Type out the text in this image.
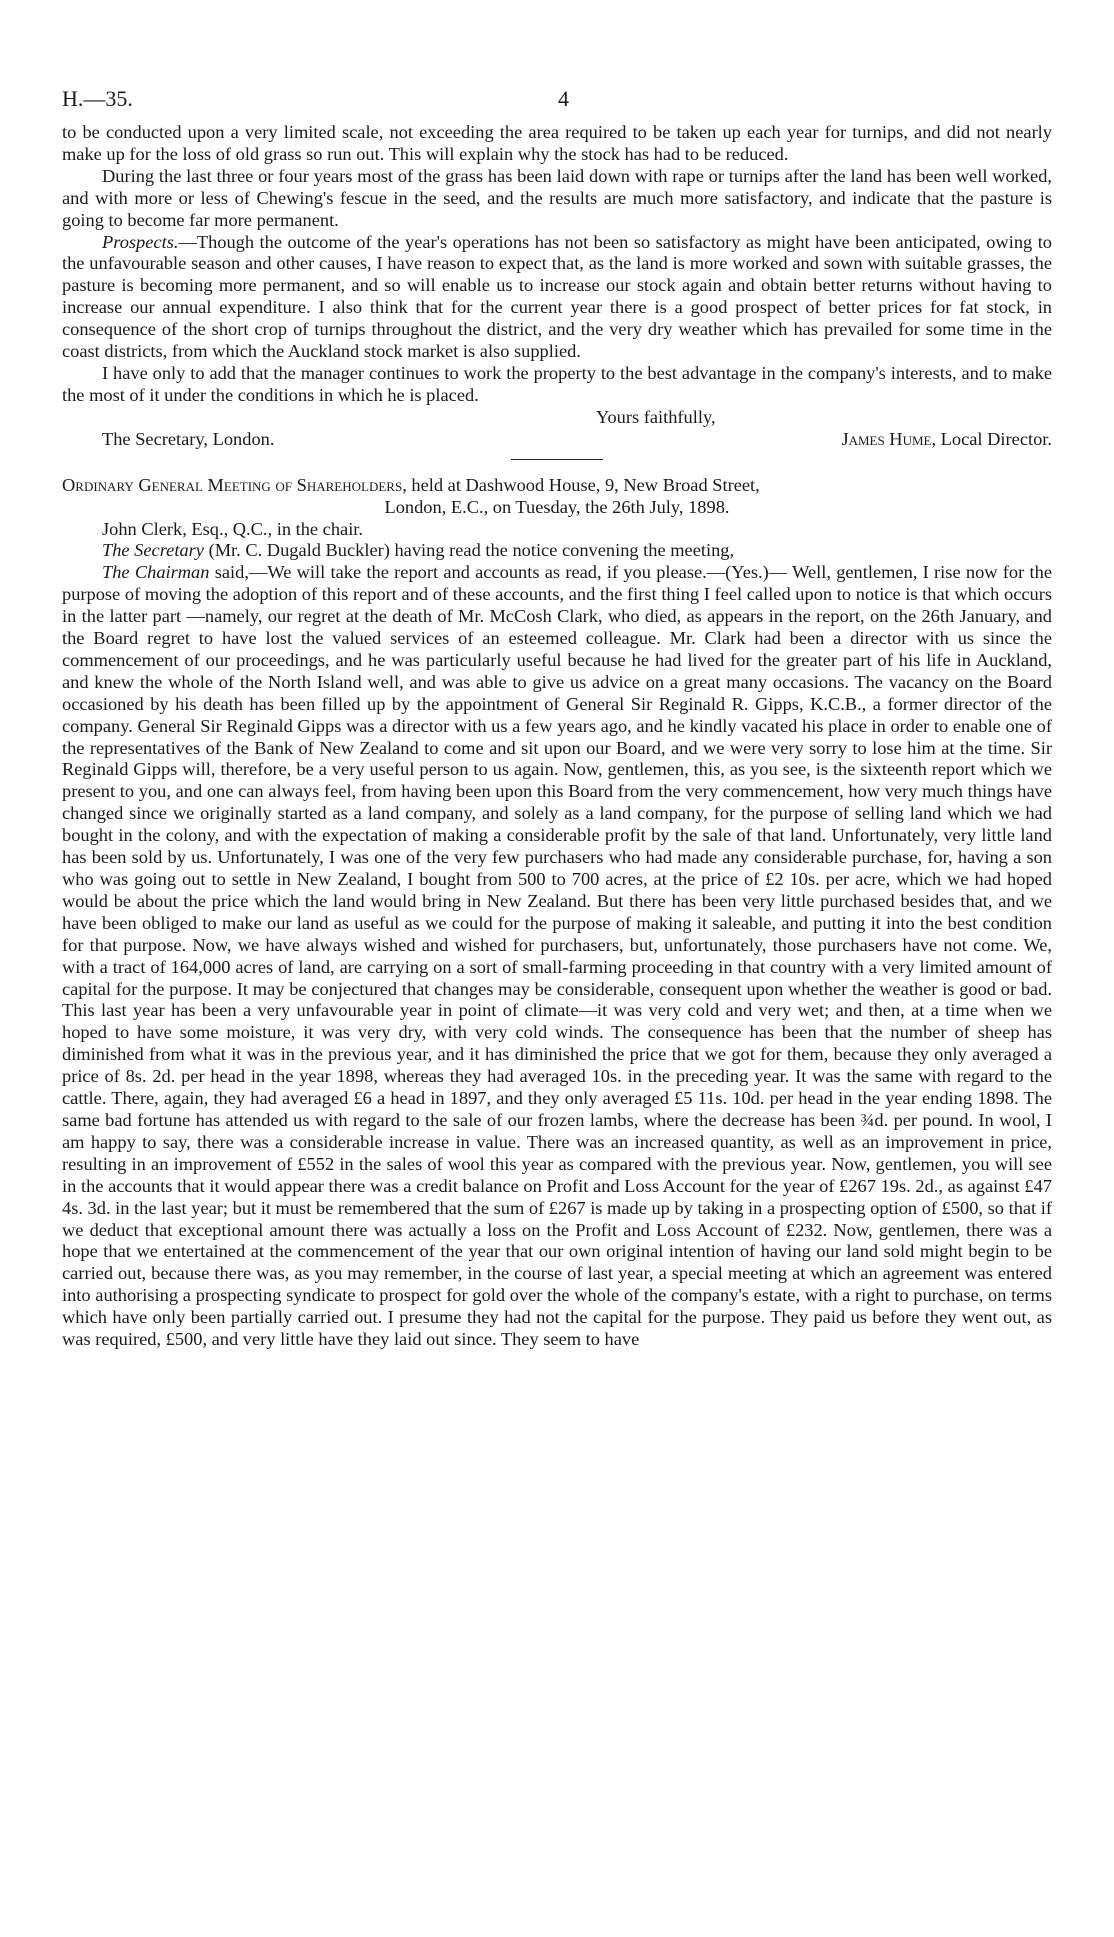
H.—35.	4

to be conducted upon a very limited scale, not exceeding the area required to be taken up each year for turnips, and did not nearly make up for the loss of old grass so run out. This will explain why the stock has had to be reduced.

During the last three or four years most of the grass has been laid down with rape or turnips after the land has been well worked, and with more or less of Chewing's fescue in the seed, and the results are much more satisfactory, and indicate that the pasture is going to become far more permanent.

Prospects.—Though the outcome of the year's operations has not been so satisfactory as might have been anticipated, owing to the unfavourable season and other causes, I have reason to expect that, as the land is more worked and sown with suitable grasses, the pasture is becoming more permanent, and so will enable us to increase our stock again and obtain better returns without having to increase our annual expenditure. I also think that for the current year there is a good prospect of better prices for fat stock, in consequence of the short crop of turnips throughout the district, and the very dry weather which has prevailed for some time in the coast districts, from which the Auckland stock market is also supplied.

I have only to add that the manager continues to work the property to the best advantage in the company's interests, and to make the most of it under the conditions in which he is placed.

Yours faithfully,
The Secretary, London.	James Hume, Local Director.

Ordinary General Meeting of Shareholders, held at Dashwood House, 9, New Broad Street,

London, E.C., on Tuesday, the 26th July, 1898.

John Clerk, Esq., Q.C., in the chair.

The Secretary (Mr. C. Dugald Buckler) having read the notice convening the meeting,

The Chairman said,—We will take the report and accounts as read, if you please.—(Yes.)— Well, gentlemen, I rise now for the purpose of moving the adoption of this report and of these accounts, and the first thing I feel called upon to notice is that which occurs in the latter part —namely, our regret at the death of Mr. McCosh Clark, who died, as appears in the report, on the 26th January, and the Board regret to have lost the valued services of an esteemed colleague. Mr. Clark had been a director with us since the commencement of our proceedings, and he was particularly useful because he had lived for the greater part of his life in Auckland, and knew the whole of the North Island well, and was able to give us advice on a great many occasions. The vacancy on the Board occasioned by his death has been filled up by the appointment of General Sir Reginald R. Gipps, K.C.B., a former director of the company. General Sir Reginald Gipps was a director with us a few years ago, and he kindly vacated his place in order to enable one of the representatives of the Bank of New Zealand to come and sit upon our Board, and we were very sorry to lose him at the time. Sir Reginald Gipps will, therefore, be a very useful person to us again. Now, gentlemen, this, as you see, is the sixteenth report which we present to you, and one can always feel, from having been upon this Board from the very commencement, how very much things have changed since we originally started as a land company, and solely as a land company, for the purpose of selling land which we had bought in the colony, and with the expectation of making a considerable profit by the sale of that land. Unfortunately, very little land has been sold by us. Unfortunately, I was one of the very few purchasers who had made any considerable purchase, for, having a son who was going out to settle in New Zealand, I bought from 500 to 700 acres, at the price of £2 10s. per acre, which we had hoped would be about the price which the land would bring in New Zealand. But there has been very little purchased besides that, and we have been obliged to make our land as useful as we could for the purpose of making it saleable, and putting it into the best condition for that purpose. Now, we have always wished and wished for purchasers, but, unfortunately, those purchasers have not come. We, with a tract of 164,000 acres of land, are carrying on a sort of small-farming proceeding in that country with a very limited amount of capital for the purpose. It may be conjectured that changes may be considerable, consequent upon whether the weather is good or bad. This last year has been a very unfavourable year in point of climate—it was very cold and very wet; and then, at a time when we hoped to have some moisture, it was very dry, with very cold winds. The consequence has been that the number of sheep has diminished from what it was in the previous year, and it has diminished the price that we got for them, because they only averaged a price of 8s. 2d. per head in the year 1898, whereas they had averaged 10s. in the preceding year. It was the same with regard to the cattle. There, again, they had averaged £6 a head in 1897, and they only averaged £5 11s. 10d. per head in the year ending 1898. The same bad fortune has attended us with regard to the sale of our frozen lambs, where the decrease has been ¾d. per pound. In wool, I am happy to say, there was a considerable increase in value. There was an increased quantity, as well as an improvement in price, resulting in an improvement of £552 in the sales of wool this year as compared with the previous year. Now, gentlemen, you will see in the accounts that it would appear there was a credit balance on Profit and Loss Account for the year of £267 19s. 2d., as against £47 4s. 3d. in the last year; but it must be remembered that the sum of £267 is made up by taking in a prospecting option of £500, so that if we deduct that exceptional amount there was actually a loss on the Profit and Loss Account of £232. Now, gentlemen, there was a hope that we entertained at the commencement of the year that our own original intention of having our land sold might begin to be carried out, because there was, as you may remember, in the course of last year, a special meeting at which an agreement was entered into authorising a prospecting syndicate to prospect for gold over the whole of the company's estate, with a right to purchase, on terms which have only been partially carried out. I presume they had not the capital for the purpose. They paid us before they went out, as was required, £500, and very little have they laid out since. They seem to have
